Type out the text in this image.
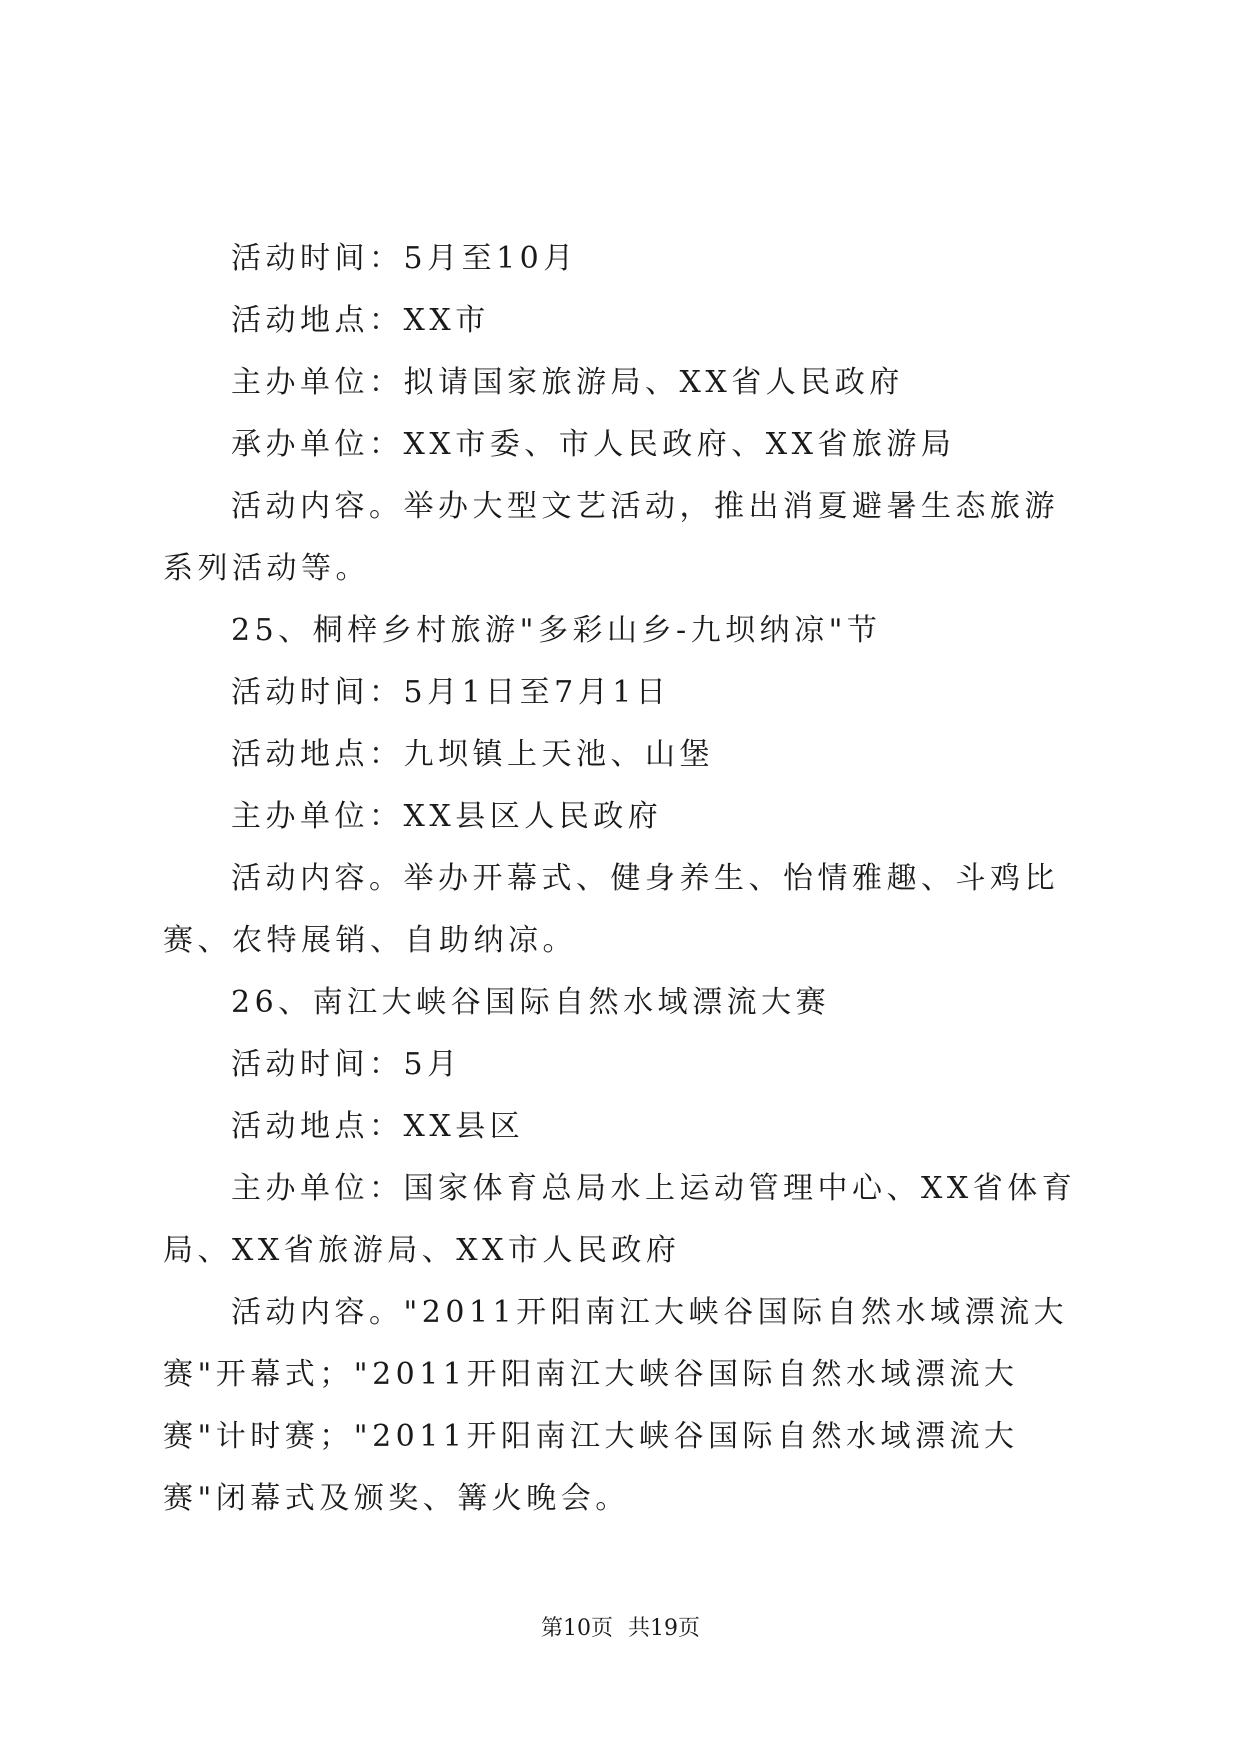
活动时间：5月至10月

活动地点：XX市

主办单位：拟请国家旅游局、XX省人民政府

承办单位：XX市委、市人民政府、XX省旅游局

活动内容。举办大型文艺活动，推出消夏避暑生态旅游系列活动等。

25、桐梓乡村旅游"多彩山乡-九坝纳凉"节

活动时间：5月1日至7月1日

活动地点：九坝镇上天池、山堡

主办单位：XX县区人民政府

活动内容。举办开幕式、健身养生、怡情雅趣、斗鸡比赛、农特展销、自助纳凉。

26、南江大峡谷国际自然水域漂流大赛

活动时间：5月

活动地点：XX县区

主办单位：国家体育总局水上运动管理中心、XX省体育局、XX省旅游局、XX市人民政府

活动内容。"2011开阳南江大峡谷国际自然水域漂流大赛"开幕式；"2011开阳南江大峡谷国际自然水域漂流大赛"计时赛；"2011开阳南江大峡谷国际自然水域漂流大赛"闭幕式及颁奖、篝火晚会。

第10页 共19页
